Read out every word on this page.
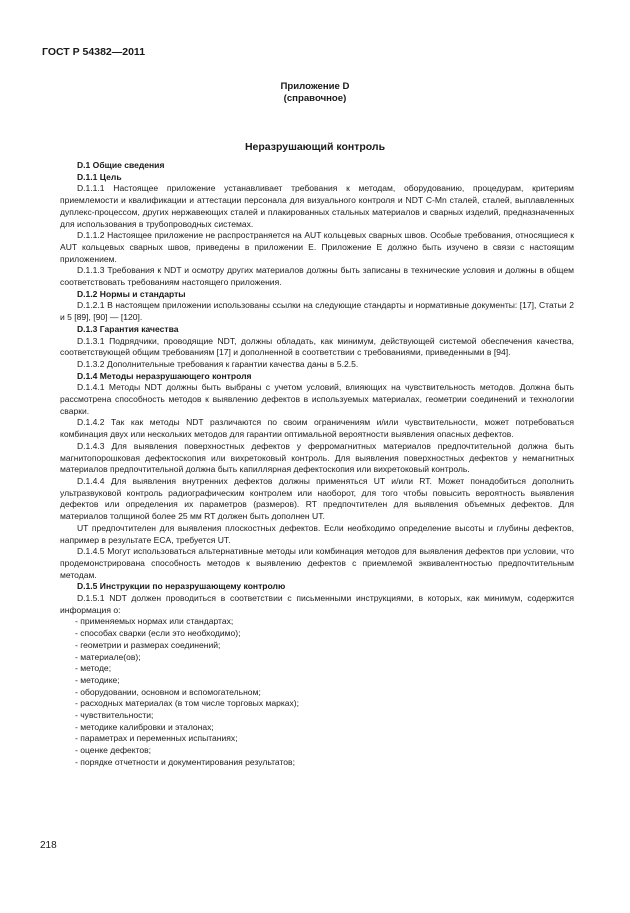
ГОСТ Р 54382—2011
Приложение D
(справочное)
Неразрушающий контроль
D.1 Общие сведения
D.1.1 Цель
D.1.1.1 Настоящее приложение устанавливает требования к методам, оборудованию, процедурам, критериям приемлемости и квалификации и аттестации персонала для визуального контроля и NDT C-Mn сталей, сталей, выплавленных дуплекс-процессом, других нержавеющих сталей и плакированных стальных материалов и сварных изделий, предназначенных для использования в трубопроводных системах.
D.1.1.2 Настоящее приложение не распространяется на AUT кольцевых сварных швов. Особые требования, относящиеся к AUT кольцевых сварных швов, приведены в приложении E. Приложение E должно быть изучено в связи с настоящим приложением.
D.1.1.3 Требования к NDT и осмотру других материалов должны быть записаны в технические условия и должны в общем соответствовать требованиям настоящего приложения.
D.1.2 Нормы и стандарты
D.1.2.1 В настоящем приложении использованы ссылки на следующие стандарты и нормативные документы: [17], Статьи 2 и 5 [89], [90] — [120].
D.1.3 Гарантия качества
D.1.3.1 Подрядчики, проводящие NDT, должны обладать, как минимум, действующей системой обеспечения качества, соответствующей общим требованиям [17] и дополненной в соответствии с требованиями, приведенными в [94].
D.1.3.2 Дополнительные требования к гарантии качества даны в 5.2.5.
D.1.4 Методы неразрушающего контроля
D.1.4.1 Методы NDT должны быть выбраны с учетом условий, влияющих на чувствительность методов. Должна быть рассмотрена способность методов к выявлению дефектов в используемых материалах, геометрии соединений и технологии сварки.
D.1.4.2 Так как методы NDT различаются по своим ограничениям и/или чувствительности, может потребоваться комбинация двух или нескольких методов для гарантии оптимальной вероятности выявления опасных дефектов.
D.1.4.3 Для выявления поверхностных дефектов у ферромагнитных материалов предпочтительной должна быть магнитопорошковая дефектоскопия или вихретоковый контроль. Для выявления поверхностных дефектов у немагнитных материалов предпочтительной должна быть капиллярная дефектоскопия или вихретоковый контроль.
D.1.4.4 Для выявления внутренних дефектов должны применяться UT и/или RT. Может понадобиться дополнить ультразвуковой контроль радиографическим контролем или наоборот, для того чтобы повысить вероятность выявления дефектов или определения их параметров (размеров). RT предпочтителен для выявления объемных дефектов. Для материалов толщиной более 25 мм RT должен быть дополнен UT.
UT предпочтителен для выявления плоскостных дефектов. Если необходимо определение высоты и глубины дефектов, например в результате ECA, требуется UT.
D.1.4.5 Могут использоваться альтернативные методы или комбинация методов для выявления дефектов при условии, что продемонстрирована способность методов к выявлению дефектов с приемлемой эквивалентностью предпочтительным методам.
D.1.5 Инструкции по неразрушающему контролю
D.1.5.1 NDT должен проводиться в соответствии с письменными инструкциями, в которых, как минимум, содержится информация о:
- применяемых нормах или стандартах;
- способах сварки (если это необходимо);
- геометрии и размерах соединений;
- материале(ов);
- методе;
- методике;
- оборудовании, основном и вспомогательном;
- расходных материалах (в том числе торговых марках);
- чувствительности;
- методике калибровки и эталонах;
- параметрах и переменных испытаниях;
- оценке дефектов;
- порядке отчетности и документирования результатов;
218
